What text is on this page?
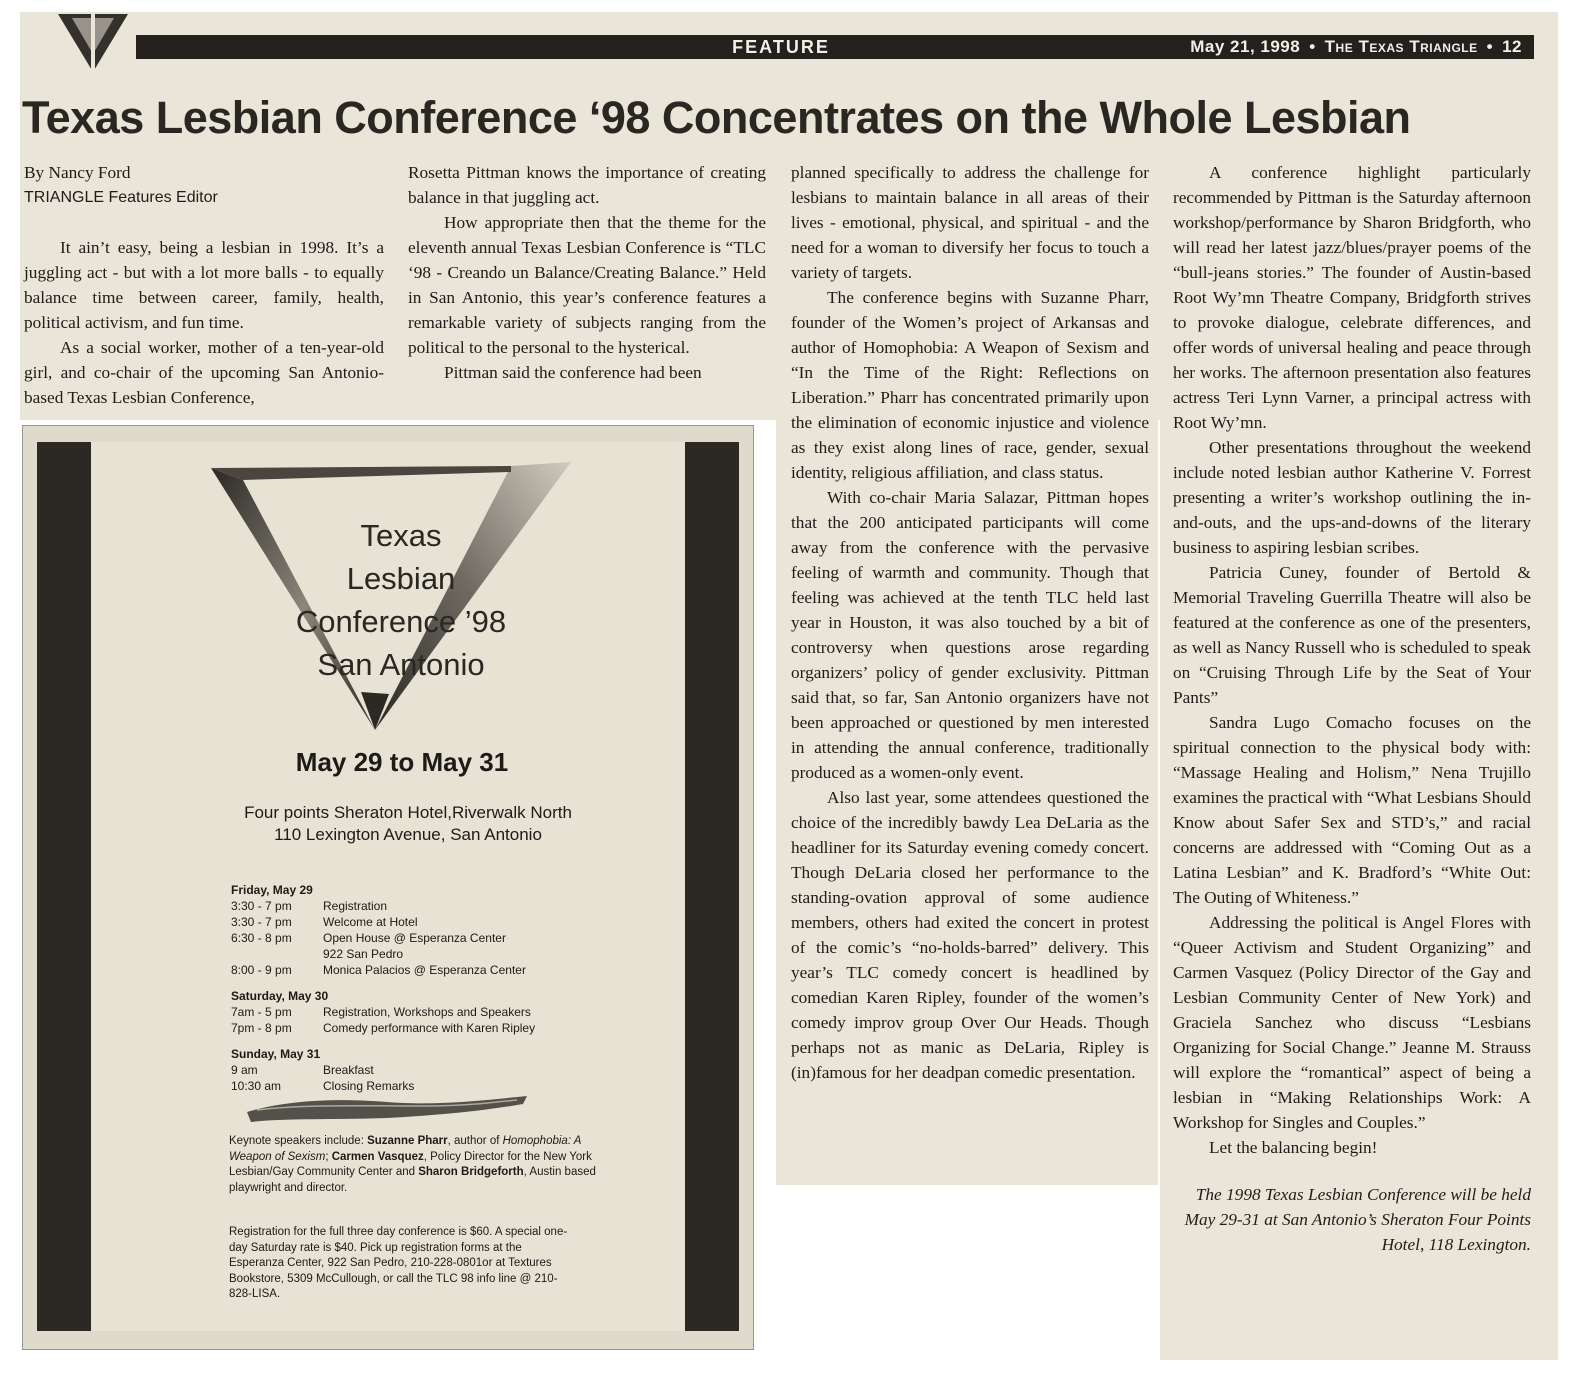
FEATURE	May 21, 1998 • The Texas Triangle • 12
Texas Lesbian Conference ‘98 Concentrates on the Whole Lesbian
By Nancy Ford
TRIANGLE Features Editor

It ain’t easy, being a lesbian in 1998. It’s a juggling act - but with a lot more balls - to equally balance time between career, family, health, political activism, and fun time.

As a social worker, mother of a ten-year-old girl, and co-chair of the upcoming San Antonio-based Texas Lesbian Conference,

Rosetta Pittman knows the importance of creating balance in that juggling act.

How appropriate then that the theme for the eleventh annual Texas Lesbian Conference is “TLC ‘98 - Creando un Balance/Creating Balance.” Held in San Antonio, this year’s conference features a remarkable variety of subjects ranging from the political to the personal to the hysterical.

Pittman said the conference had been

planned specifically to address the challenge for lesbians to maintain balance in all areas of their lives - emotional, physical, and spiritual - and the need for a woman to diversify her focus to touch a variety of targets.

The conference begins with Suzanne Pharr, founder of the Women’s project of Arkansas and author of Homophobia: A Weapon of Sexism and “In the Time of the Right: Reflections on Liberation.” Pharr has concentrated primarily upon the elimination of economic injustice and violence as they exist along lines of race, gender, sexual identity, religious affiliation, and class status.

With co-chair Maria Salazar, Pittman hopes that the 200 anticipated participants will come away from the conference with the pervasive feeling of warmth and community. Though that feeling was achieved at the tenth TLC held last year in Houston, it was also touched by a bit of controversy when questions arose regarding organizers’ policy of gender exclusivity. Pittman said that, so far, San Antonio organizers have not been approached or questioned by men interested in attending the annual conference, traditionally produced as a women-only event.

Also last year, some attendees questioned the choice of the incredibly bawdy Lea DeLaria as the headliner for its Saturday evening comedy concert. Though DeLaria closed her performance to the standing-ovation approval of some audience members, others had exited the concert in protest of the comic’s “no-holds-barred” delivery. This year’s TLC comedy concert is headlined by comedian Karen Ripley, founder of the women’s comedy improv group Over Our Heads. Though perhaps not as manic as DeLaria, Ripley is (in)famous for her deadpan comedic presentation.

A conference highlight particularly recommended by Pittman is the Saturday afternoon workshop/performance by Sharon Bridgforth, who will read her latest jazz/blues/prayer poems of the “bull-jeans stories.” The founder of Austin-based Root Wy’mn Theatre Company, Bridgforth strives to provoke dialogue, celebrate differences, and offer words of universal healing and peace through her works. The afternoon presentation also features actress Teri Lynn Varner, a principal actress with Root Wy’mn.

Other presentations throughout the weekend include noted lesbian author Katherine V. Forrest presenting a writer’s workshop outlining the in-and-outs, and the ups-and-downs of the literary business to aspiring lesbian scribes.

Patricia Cuney, founder of Bertold & Memorial Traveling Guerrilla Theatre will also be featured at the conference as one of the presenters, as well as Nancy Russell who is scheduled to speak on “Cruising Through Life by the Seat of Your Pants”

Sandra Lugo Comacho focuses on the spiritual connection to the physical body with: “Massage Healing and Holism,” Nena Trujillo examines the practical with “What Lesbians Should Know about Safer Sex and STD’s,” and racial concerns are addressed with “Coming Out as a Latina Lesbian” and K. Bradford’s “White Out: The Outing of Whiteness.”

Addressing the political is Angel Flores with “Queer Activism and Student Organizing” and Carmen Vasquez (Policy Director of the Gay and Lesbian Community Center of New York) and Graciela Sanchez who discuss “Lesbians Organizing for Social Change.” Jeanne M. Strauss will explore the “romantical” aspect of being a lesbian in “Making Relationships Work: A Workshop for Singles and Couples.”

Let the balancing begin!

The 1998 Texas Lesbian Conference will be held May 29-31 at San Antonio’s Sheraton Four Points Hotel, 118 Lexington.

Texas
Lesbian
Conference ’98
San Antonio
May 29 to May 31
Four points Sheraton Hotel,Riverwalk North
110 Lexington Avenue, San Antonio

Friday, May 29

3:30 - 7 pm	Registration
3:30 - 7 pm	Welcome at Hotel
6:30 - 8 pm	Open House @ Esperanza Center
922 San Pedro
8:00 - 9 pm	Monica Palacios @ Esperanza Center

Saturday, May 30

7am - 5 pm	Registration, Workshops and Speakers
7pm - 8 pm	Comedy performance with Karen Ripley

Sunday, May 31

9 am	Breakfast
10:30 am	Closing Remarks
Keynote speakers include: Suzanne Pharr, author of Homophobia: A Weapon of Sexism; Carmen Vasquez, Policy Director for the New York Lesbian/Gay Community Center and Sharon Bridgeforth, Austin based playwright and director.
Registration for the full three day conference is $60. A special one-day Saturday rate is $40. Pick up registration forms at the Esperanza Center, 922 San Pedro, 210-228-0801or at Textures Bookstore, 5309 McCullough, or call the TLC 98 info line @ 210-828-LISA.
